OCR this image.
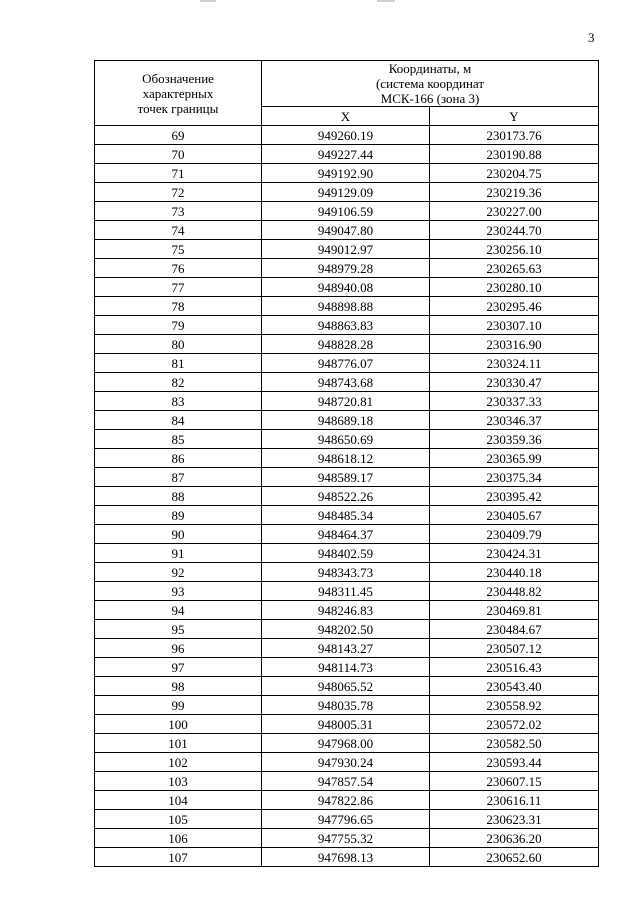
3
Обозначение
характерных
точек границы	Координаты, м
(система координат
МСК-166 (зона 3)	

	X	Y
69	949260.19	230173.76
70	949227.44	230190.88
71	949192.90	230204.75
72	949129.09	230219.36
73	949106.59	230227.00
74	949047.80	230244.70
75	949012.97	230256.10
76	948979.28	230265.63
77	948940.08	230280.10
78	948898.88	230295.46
79	948863.83	230307.10
80	948828.28	230316.90
81	948776.07	230324.11
82	948743.68	230330.47
83	948720.81	230337.33
84	948689.18	230346.37
85	948650.69	230359.36
86	948618.12	230365.99
87	948589.17	230375.34
88	948522.26	230395.42
89	948485.34	230405.67
90	948464.37	230409.79
91	948402.59	230424.31
92	948343.73	230440.18
93	948311.45	230448.82
94	948246.83	230469.81
95	948202.50	230484.67
96	948143.27	230507.12
97	948114.73	230516.43
98	948065.52	230543.40
99	948035.78	230558.92
100	948005.31	230572.02
101	947968.00	230582.50
102	947930.24	230593.44
103	947857.54	230607.15
104	947822.86	230616.11
105	947796.65	230623.31
106	947755.32	230636.20
107	947698.13	230652.60
